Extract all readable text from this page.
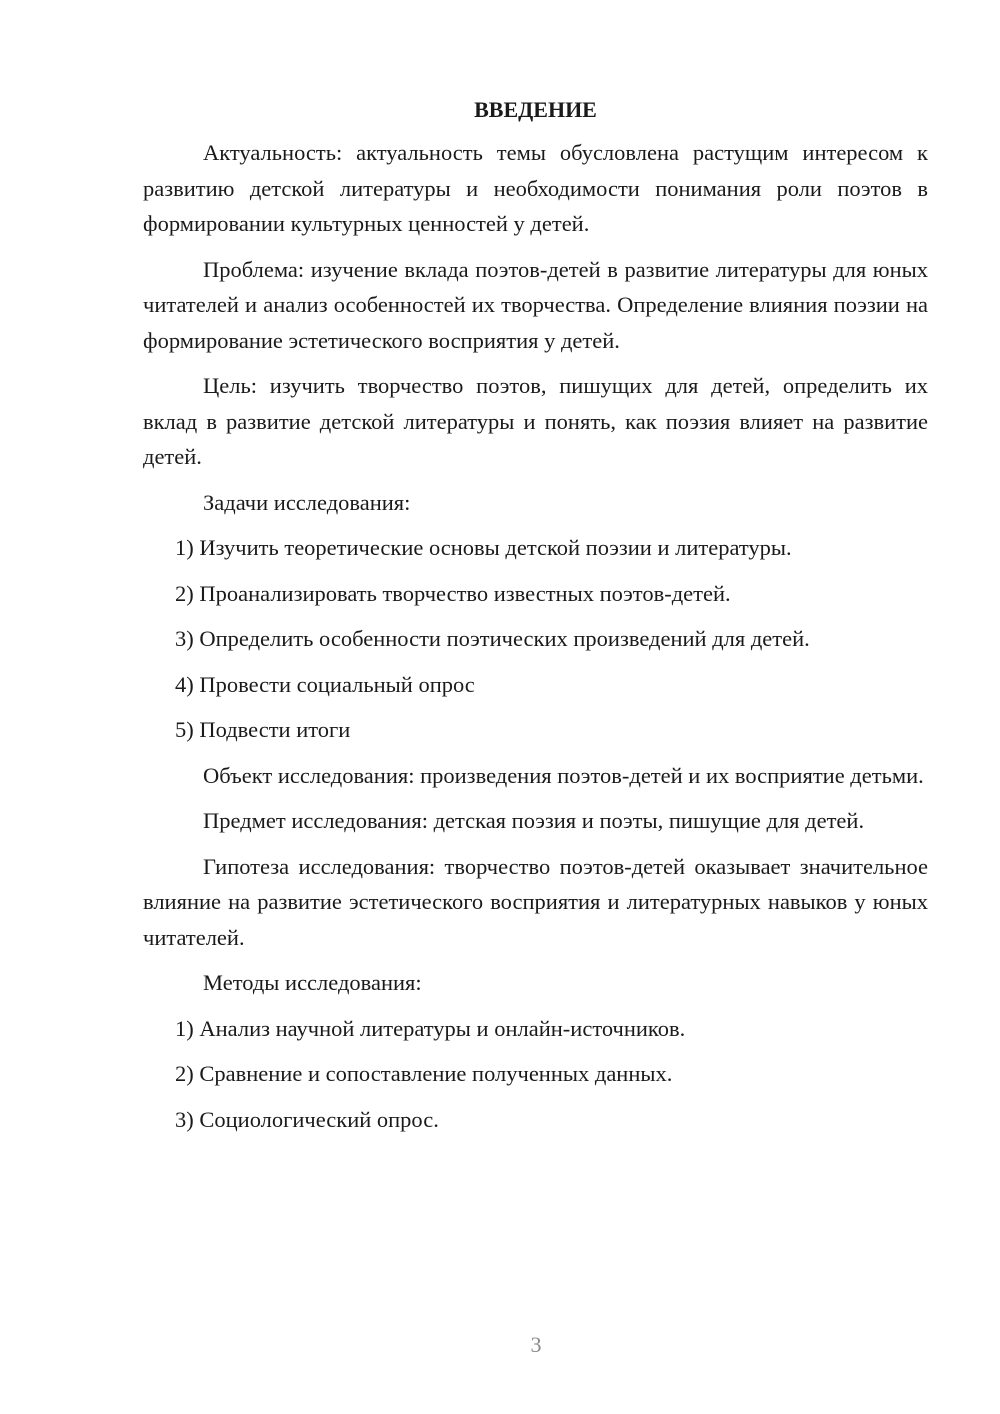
ВВЕДЕНИЕ

Актуальность: актуальность темы обусловлена растущим интересом к развитию детской литературы и необходимости понимания роли поэтов в формировании культурных ценностей у детей.

Проблема: изучение вклада поэтов-детей в развитие литературы для юных читателей и анализ особенностей их творчества. Определение влияния поэзии на формирование эстетического восприятия у детей.

Цель: изучить творчество поэтов, пишущих для детей, определить их вклад в развитие детской литературы и понять, как поэзия влияет на развитие детей.

Задачи исследования:

1) Изучить теоретические основы детской поэзии и литературы.

2) Проанализировать творчество известных поэтов-детей.

3) Определить особенности поэтических произведений для детей.

4) Провести социальный опрос

5) Подвести итоги

Объект исследования: произведения поэтов-детей и их восприятие детьми.

Предмет исследования: детская поэзия и поэты, пишущие для детей.

Гипотеза исследования: творчество поэтов-детей оказывает значительное влияние на развитие эстетического восприятия и литературных навыков у юных читателей.

Методы исследования:

1) Анализ научной литературы и онлайн-источников.

2) Сравнение и сопоставление полученных данных.

3) Социологический опрос.

3
